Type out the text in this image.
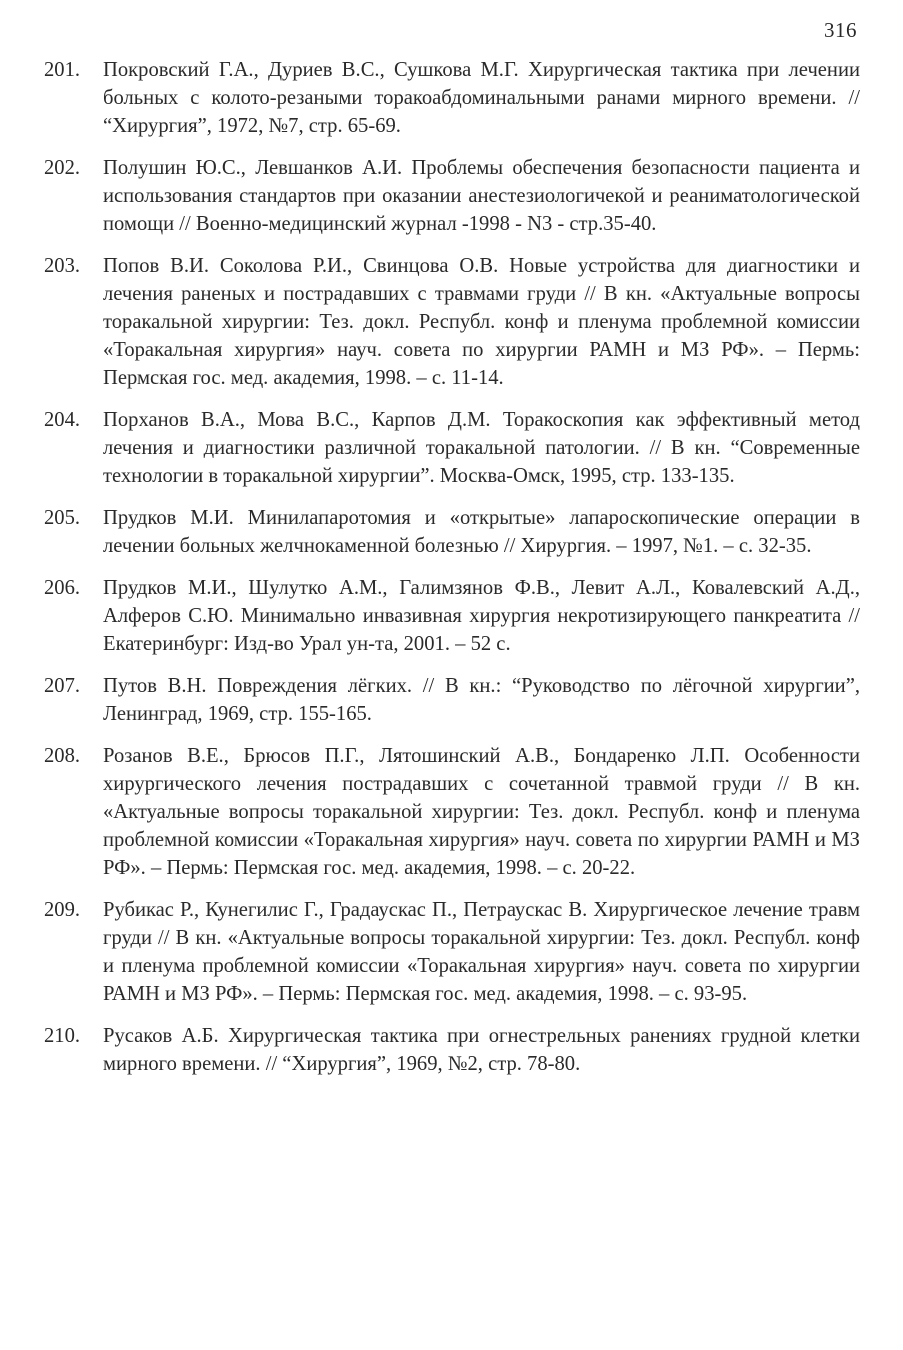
316
201.	Покровский Г.А., Дуриев В.С., Сушкова М.Г. Хирургическая тактика при лечении больных с колото-резаными торакоабдоминальными ранами мирного времени. // “Хирургия”, 1972, №7, стр. 65-69.
202.	Полушин Ю.С., Левшанков А.И. Проблемы обеспечения безопасности пациента и использования стандартов при оказании анестезиологичекой и реаниматологической помощи // Военно-медицинский журнал -1998 - N3 - стр.35-40.
203.	Попов В.И. Соколова Р.И., Свинцова О.В. Новые устройства для диагностики и лечения раненых и пострадавших с травмами груди // В кн. «Актуальные вопросы торакальной хирургии: Тез. докл. Республ. конф и пленума проблемной комиссии «Торакальная хирургия» науч. совета по хирургии РАМН и МЗ РФ». – Пермь: Пермская гос. мед. академия, 1998. – с. 11-14.
204.	Порханов В.А., Мова В.С., Карпов Д.М. Торакоскопия как эффективный метод лечения и диагностики различной торакальной патологии. // В кн. “Современные технологии в торакальной хирургии”. Москва-Омск, 1995, стр. 133-135.
205.	Прудков М.И. Минилапаротомия и «открытые» лапароскопические операции в лечении больных желчнокаменной болезнью // Хирургия. – 1997, №1. – с. 32-35.
206.	Прудков М.И., Шулутко А.М., Галимзянов Ф.В., Левит А.Л., Ковалевский А.Д., Алферов С.Ю. Минимально инвазивная хирургия некротизирующего панкреатита // Екатеринбург: Изд-во Урал ун-та, 2001. – 52 с.
207.	Путов В.Н. Повреждения лёгких. // В кн.: “Руководство по лёгочной хирургии”, Ленинград, 1969, стр. 155-165.
208.	Розанов В.Е., Брюсов П.Г., Лятошинский А.В., Бондаренко Л.П. Особенности хирургического лечения пострадавших с сочетанной травмой груди // В кн. «Актуальные вопросы торакальной хирургии: Тез. докл. Республ. конф и пленума проблемной комиссии «Торакальная хирургия» науч. совета по хирургии РАМН и МЗ РФ». – Пермь: Пермская гос. мед. академия, 1998. – с. 20-22.
209.	Рубикас Р., Кунегилис Г., Градаускас П., Петраускас В. Хирургическое лечение травм груди // В кн. «Актуальные вопросы торакальной хирургии: Тез. докл. Республ. конф и пленума проблемной комиссии «Торакальная хирургия» науч. совета по хирургии РАМН и МЗ РФ». – Пермь: Пермская гос. мед. академия, 1998. – с. 93-95.
210.	Русаков А.Б. Хирургическая тактика при огнестрельных ранениях грудной клетки мирного времени. // “Хирургия”, 1969, №2, стр. 78-80.
